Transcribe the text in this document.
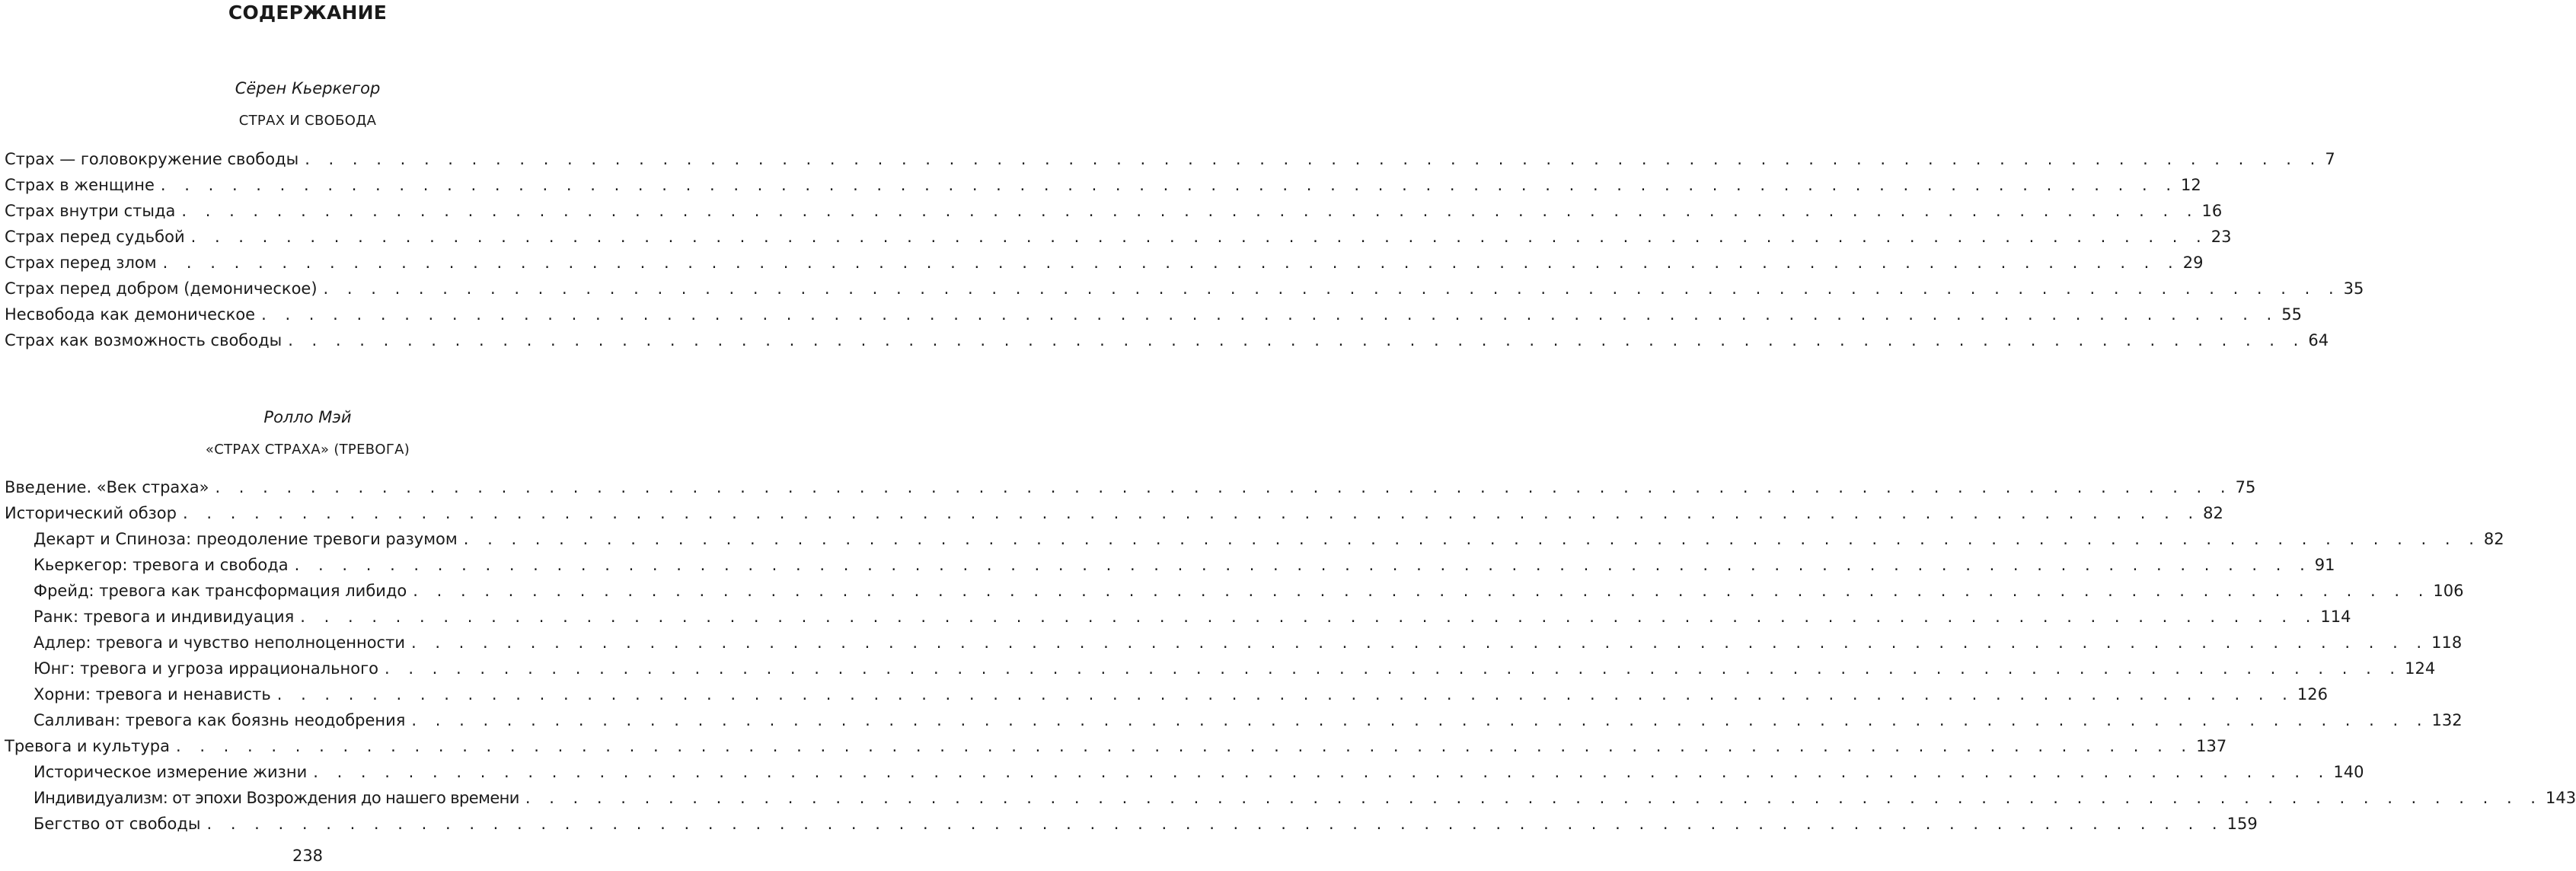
СОДЕРЖАНИЕ
Сёрен Кьеркегор
СТРАХ И СВОБОДА
Страх — головокружение свободы . . . . . . . . . . . . . . . . . . . . . . . . . . . . . . . . . . . . . . . . . . . . . . . . . . . . . . . . . . . . . . . . . . . . . . . . . . . . . . . . . . . . . 7
Страх в женщине . . . . . . . . . . . . . . . . . . . . . . . . . . . . . . . . . . . . . . . . . . . . . . . . . . . . . . . . . . . . . . . . . . . . . . . . . . . . . . . . . . . . . 12
Страх внутри стыда . . . . . . . . . . . . . . . . . . . . . . . . . . . . . . . . . . . . . . . . . . . . . . . . . . . . . . . . . . . . . . . . . . . . . . . . . . . . . . . . . . . . . 16
Страх перед судьбой . . . . . . . . . . . . . . . . . . . . . . . . . . . . . . . . . . . . . . . . . . . . . . . . . . . . . . . . . . . . . . . . . . . . . . . . . . . . . . . . . . . . . 23
Страх перед злом . . . . . . . . . . . . . . . . . . . . . . . . . . . . . . . . . . . . . . . . . . . . . . . . . . . . . . . . . . . . . . . . . . . . . . . . . . . . . . . . . . . . . 29
Страх перед добром (демоническое) . . . . . . . . . . . . . . . . . . . . . . . . . . . . . . . . . . . . . . . . . . . . . . . . . . . . . . . . . . . . . . . . . . . . . . . . . . . . . . . . . . . . . 35
Несвобода как демоническое . . . . . . . . . . . . . . . . . . . . . . . . . . . . . . . . . . . . . . . . . . . . . . . . . . . . . . . . . . . . . . . . . . . . . . . . . . . . . . . . . . . . . 55
Страх как возможность свободы . . . . . . . . . . . . . . . . . . . . . . . . . . . . . . . . . . . . . . . . . . . . . . . . . . . . . . . . . . . . . . . . . . . . . . . . . . . . . . . . . . . . . 64
Ролло Мэй
«СТРАХ СТРАХА» (ТРЕВОГА)
Введение. «Век страха» . . . . . . . . . . . . . . . . . . . . . . . . . . . . . . . . . . . . . . . . . . . . . . . . . . . . . . . . . . . . . . . . . . . . . . . . . . . . . . . . . . . . . 75
Исторический обзор . . . . . . . . . . . . . . . . . . . . . . . . . . . . . . . . . . . . . . . . . . . . . . . . . . . . . . . . . . . . . . . . . . . . . . . . . . . . . . . . . . . . . 82
Декарт и Спиноза: преодоление тревоги разумом . . . . . . . . . . . . . . . . . . . . . . . . . . . . . . . . . . . . . . . . . . . . . . . . . . . . . . . . . . . . . . . . . . . . . . . . . . . . . . . . . . . . . 82
Кьеркегор: тревога и свобода . . . . . . . . . . . . . . . . . . . . . . . . . . . . . . . . . . . . . . . . . . . . . . . . . . . . . . . . . . . . . . . . . . . . . . . . . . . . . . . . . . . . . 91
Фрейд: тревога как трансформация либидо . . . . . . . . . . . . . . . . . . . . . . . . . . . . . . . . . . . . . . . . . . . . . . . . . . . . . . . . . . . . . . . . . . . . . . . . . . . . . . . . . . . . . 106
Ранк: тревога и индивидуация . . . . . . . . . . . . . . . . . . . . . . . . . . . . . . . . . . . . . . . . . . . . . . . . . . . . . . . . . . . . . . . . . . . . . . . . . . . . . . . . . . . . . 114
Адлер: тревога и чувство неполноценности . . . . . . . . . . . . . . . . . . . . . . . . . . . . . . . . . . . . . . . . . . . . . . . . . . . . . . . . . . . . . . . . . . . . . . . . . . . . . . . . . . . . . 118
Юнг: тревога и угроза иррационального . . . . . . . . . . . . . . . . . . . . . . . . . . . . . . . . . . . . . . . . . . . . . . . . . . . . . . . . . . . . . . . . . . . . . . . . . . . . . . . . . . . . . 124
Хорни: тревога и ненависть . . . . . . . . . . . . . . . . . . . . . . . . . . . . . . . . . . . . . . . . . . . . . . . . . . . . . . . . . . . . . . . . . . . . . . . . . . . . . . . . . . . . . 126
Салливан: тревога как боязнь неодобрения . . . . . . . . . . . . . . . . . . . . . . . . . . . . . . . . . . . . . . . . . . . . . . . . . . . . . . . . . . . . . . . . . . . . . . . . . . . . . . . . . . . . . 132
Тревога и культура . . . . . . . . . . . . . . . . . . . . . . . . . . . . . . . . . . . . . . . . . . . . . . . . . . . . . . . . . . . . . . . . . . . . . . . . . . . . . . . . . . . . . 137
Историческое измерение жизни . . . . . . . . . . . . . . . . . . . . . . . . . . . . . . . . . . . . . . . . . . . . . . . . . . . . . . . . . . . . . . . . . . . . . . . . . . . . . . . . . . . . . 140
Индивидуализм: от эпохи Возрождения до нашего времени . . . . . . . . . . . . . . . . . . . . . . . . . . . . . . . . . . . . . . . . . . . . . . . . . . . . . . . . . . . . . . . . . . . . . . . . . . . . . . . . . . . . . 143
Бегство от свободы . . . . . . . . . . . . . . . . . . . . . . . . . . . . . . . . . . . . . . . . . . . . . . . . . . . . . . . . . . . . . . . . . . . . . . . . . . . . . . . . . . . . . 159
238
